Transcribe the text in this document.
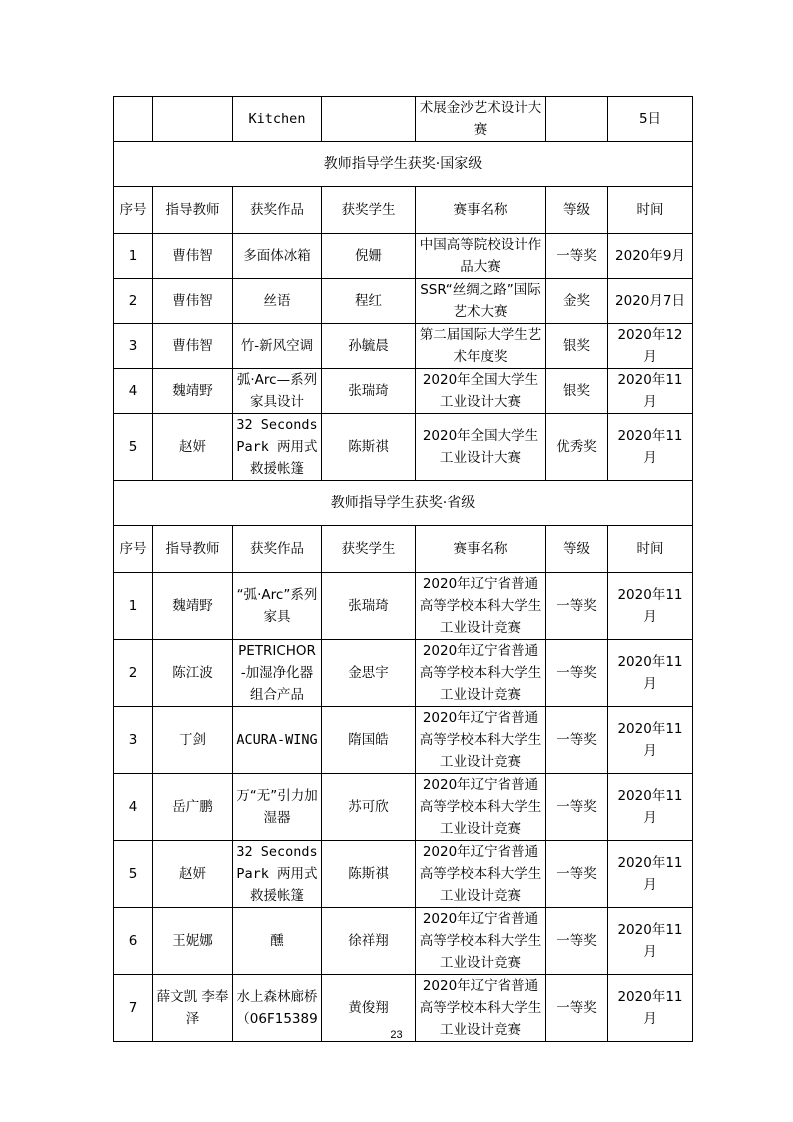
		Kitchen		术展金沙艺术设计大赛		5日
教师指导学生获奖·国家级						
序号	指导教师	获奖作品	获奖学生	赛事名称	等级	时间
1	曹伟智	多面体冰箱	倪姗	中国高等院校设计作品大赛	一等奖	2020年9月
2	曹伟智	丝语	程红	SSR“丝绸之路”国际艺术大赛	金奖	2020月7日
3	曹伟智	竹-新风空调	孙毓晨	第二届国际大学生艺术年度奖	银奖	2020年12月
4	魏靖野	弧·Arc—系列家具设计	张瑞琦	2020年全国大学生工业设计大赛	银奖	2020年11月
5	赵妍	32 Seconds Park 两用式救援帐篷	陈斯祺	2020年全国大学生工业设计大赛	优秀奖	2020年11月
教师指导学生获奖·省级						
序号	指导教师	获奖作品	获奖学生	赛事名称	等级	时间
1	魏靖野	“弧·Arc”系列家具	张瑞琦	2020年辽宁省普通高等学校本科大学生工业设计竞赛	一等奖	2020年11月
2	陈江波	PETRICHOR-加湿净化器组合产品	金思宇	2020年辽宁省普通高等学校本科大学生工业设计竞赛	一等奖	2020年11月
3	丁剑	ACURA-WING	隋国皓	2020年辽宁省普通高等学校本科大学生工业设计竞赛	一等奖	2020年11月
4	岳广鹏	万“无”引力加湿器	苏可欣	2020年辽宁省普通高等学校本科大学生工业设计竞赛	一等奖	2020年11月
5	赵妍	32 Seconds Park 两用式救援帐篷	陈斯祺	2020年辽宁省普通高等学校本科大学生工业设计竞赛	一等奖	2020年11月
6	王妮娜	醺	徐祥翔	2020年辽宁省普通高等学校本科大学生工业设计竞赛	一等奖	2020年11月
7	薛文凯 李奉泽	水上森林廊桥（06F15389	黄俊翔	2020年辽宁省普通高等学校本科大学生工业设计竞赛	一等奖	2020年11月
23
